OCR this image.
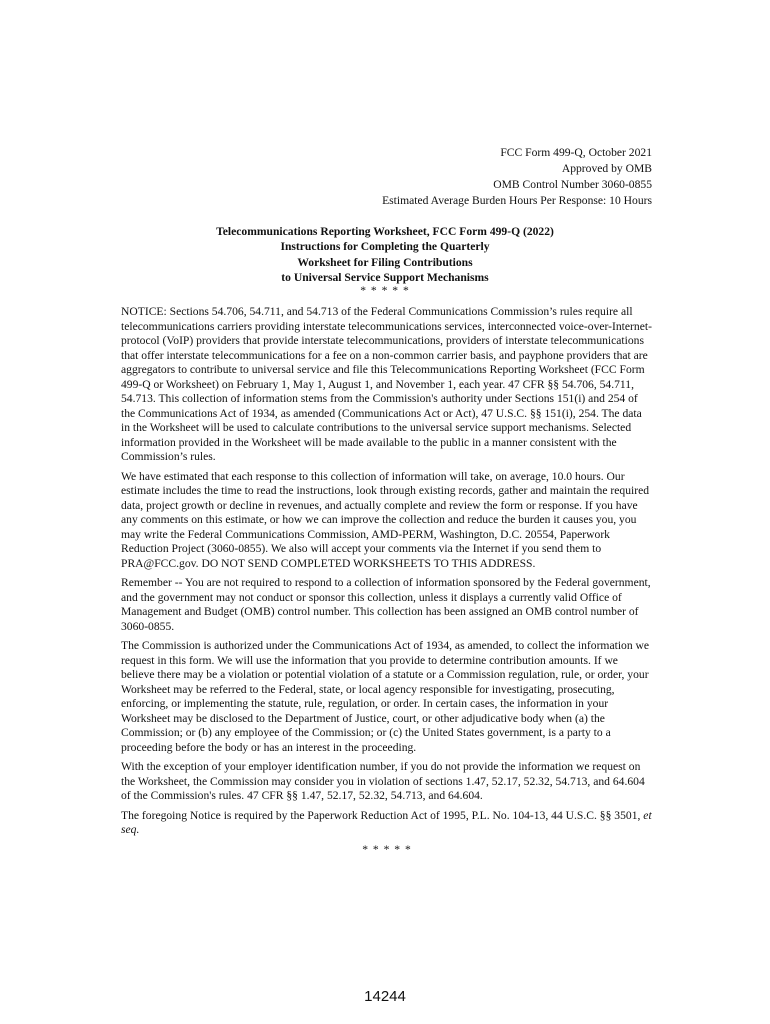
FCC Form 499-Q, October 2021
Approved by OMB
OMB Control Number 3060-0855
Estimated Average Burden Hours Per Response: 10 Hours
Telecommunications Reporting Worksheet, FCC Form 499-Q (2022)
Instructions for Completing the Quarterly
Worksheet for Filing Contributions
to Universal Service Support Mechanisms
* * * * *

NOTICE: Sections 54.706, 54.711, and 54.713 of the Federal Communications Commission’s rules require all telecommunications carriers providing interstate telecommunications services, interconnected voice-over-Internet-protocol (VoIP) providers that provide interstate telecommunications, providers of interstate telecommunications that offer interstate telecommunications for a fee on a non-common carrier basis, and payphone providers that are aggregators to contribute to universal service and file this Telecommunications Reporting Worksheet (FCC Form 499-Q or Worksheet) on February 1, May 1, August 1, and November 1, each year. 47 CFR §§ 54.706, 54.711, 54.713. This collection of information stems from the Commission's authority under Sections 151(i) and 254 of the Communications Act of 1934, as amended (Communications Act or Act), 47 U.S.C. §§ 151(i), 254. The data in the Worksheet will be used to calculate contributions to the universal service support mechanisms. Selected information provided in the Worksheet will be made available to the public in a manner consistent with the Commission’s rules.

We have estimated that each response to this collection of information will take, on average, 10.0 hours. Our estimate includes the time to read the instructions, look through existing records, gather and maintain the required data, project growth or decline in revenues, and actually complete and review the form or response. If you have any comments on this estimate, or how we can improve the collection and reduce the burden it causes you, you may write the Federal Communications Commission, AMD-PERM, Washington, D.C. 20554, Paperwork Reduction Project (3060-0855). We also will accept your comments via the Internet if you send them to PRA@FCC.gov. DO NOT SEND COMPLETED WORKSHEETS TO THIS ADDRESS.

Remember -- You are not required to respond to a collection of information sponsored by the Federal government, and the government may not conduct or sponsor this collection, unless it displays a currently valid Office of Management and Budget (OMB) control number. This collection has been assigned an OMB control number of 3060-0855.

The Commission is authorized under the Communications Act of 1934, as amended, to collect the information we request in this form. We will use the information that you provide to determine contribution amounts. If we believe there may be a violation or potential violation of a statute or a Commission regulation, rule, or order, your Worksheet may be referred to the Federal, state, or local agency responsible for investigating, prosecuting, enforcing, or implementing the statute, rule, regulation, or order. In certain cases, the information in your Worksheet may be disclosed to the Department of Justice, court, or other adjudicative body when (a) the Commission; or (b) any employee of the Commission; or (c) the United States government, is a party to a proceeding before the body or has an interest in the proceeding.

With the exception of your employer identification number, if you do not provide the information we request on the Worksheet, the Commission may consider you in violation of sections 1.47, 52.17, 52.32, 54.713, and 64.604 of the Commission's rules. 47 CFR §§ 1.47, 52.17, 52.32, 54.713, and 64.604.

The foregoing Notice is required by the Paperwork Reduction Act of 1995, P.L. No. 104-13, 44 U.S.C. §§ 3501, et seq.

* * * * *

14244
